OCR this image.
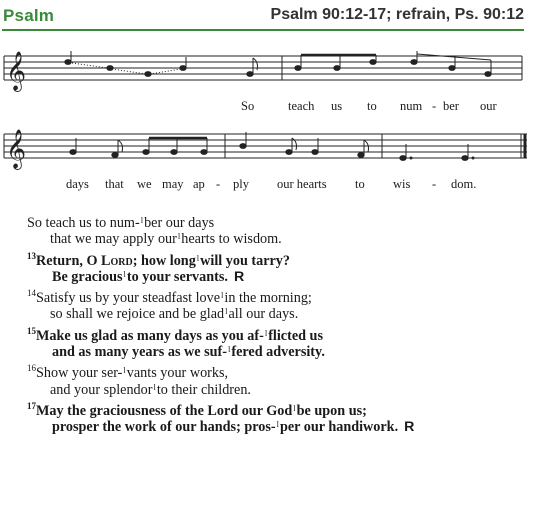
Psalm	Psalm 90:12-17; refrain, Ps. 90:12
𝄞
So	teach us to num - ber our
𝄞
days that we may ap - ply our hearts to wis - dom.
So teach us to num-ˡber our days
that we may apply ourˡhearts to wisdom.
$^{13}$Return, O Lord; how longˡwill you tarry?
Be graciousˡto your servants. R
$^{14}$Satisfy us by your steadfast loveˡin the morning;
so shall we rejoice and be gladˡall our days.
$^{15}$Make us glad as many days as you af-ˡflicted us
and as many years as we suf-ˡfered adversity.
$^{16}$Show your ser-ˡvants your works,
and your splendorˡto their children.
$^{17}$May the graciousness of the Lord our Godˡbe upon us;
prosper the work of our hands; pros-ˡper our handiwork. R
